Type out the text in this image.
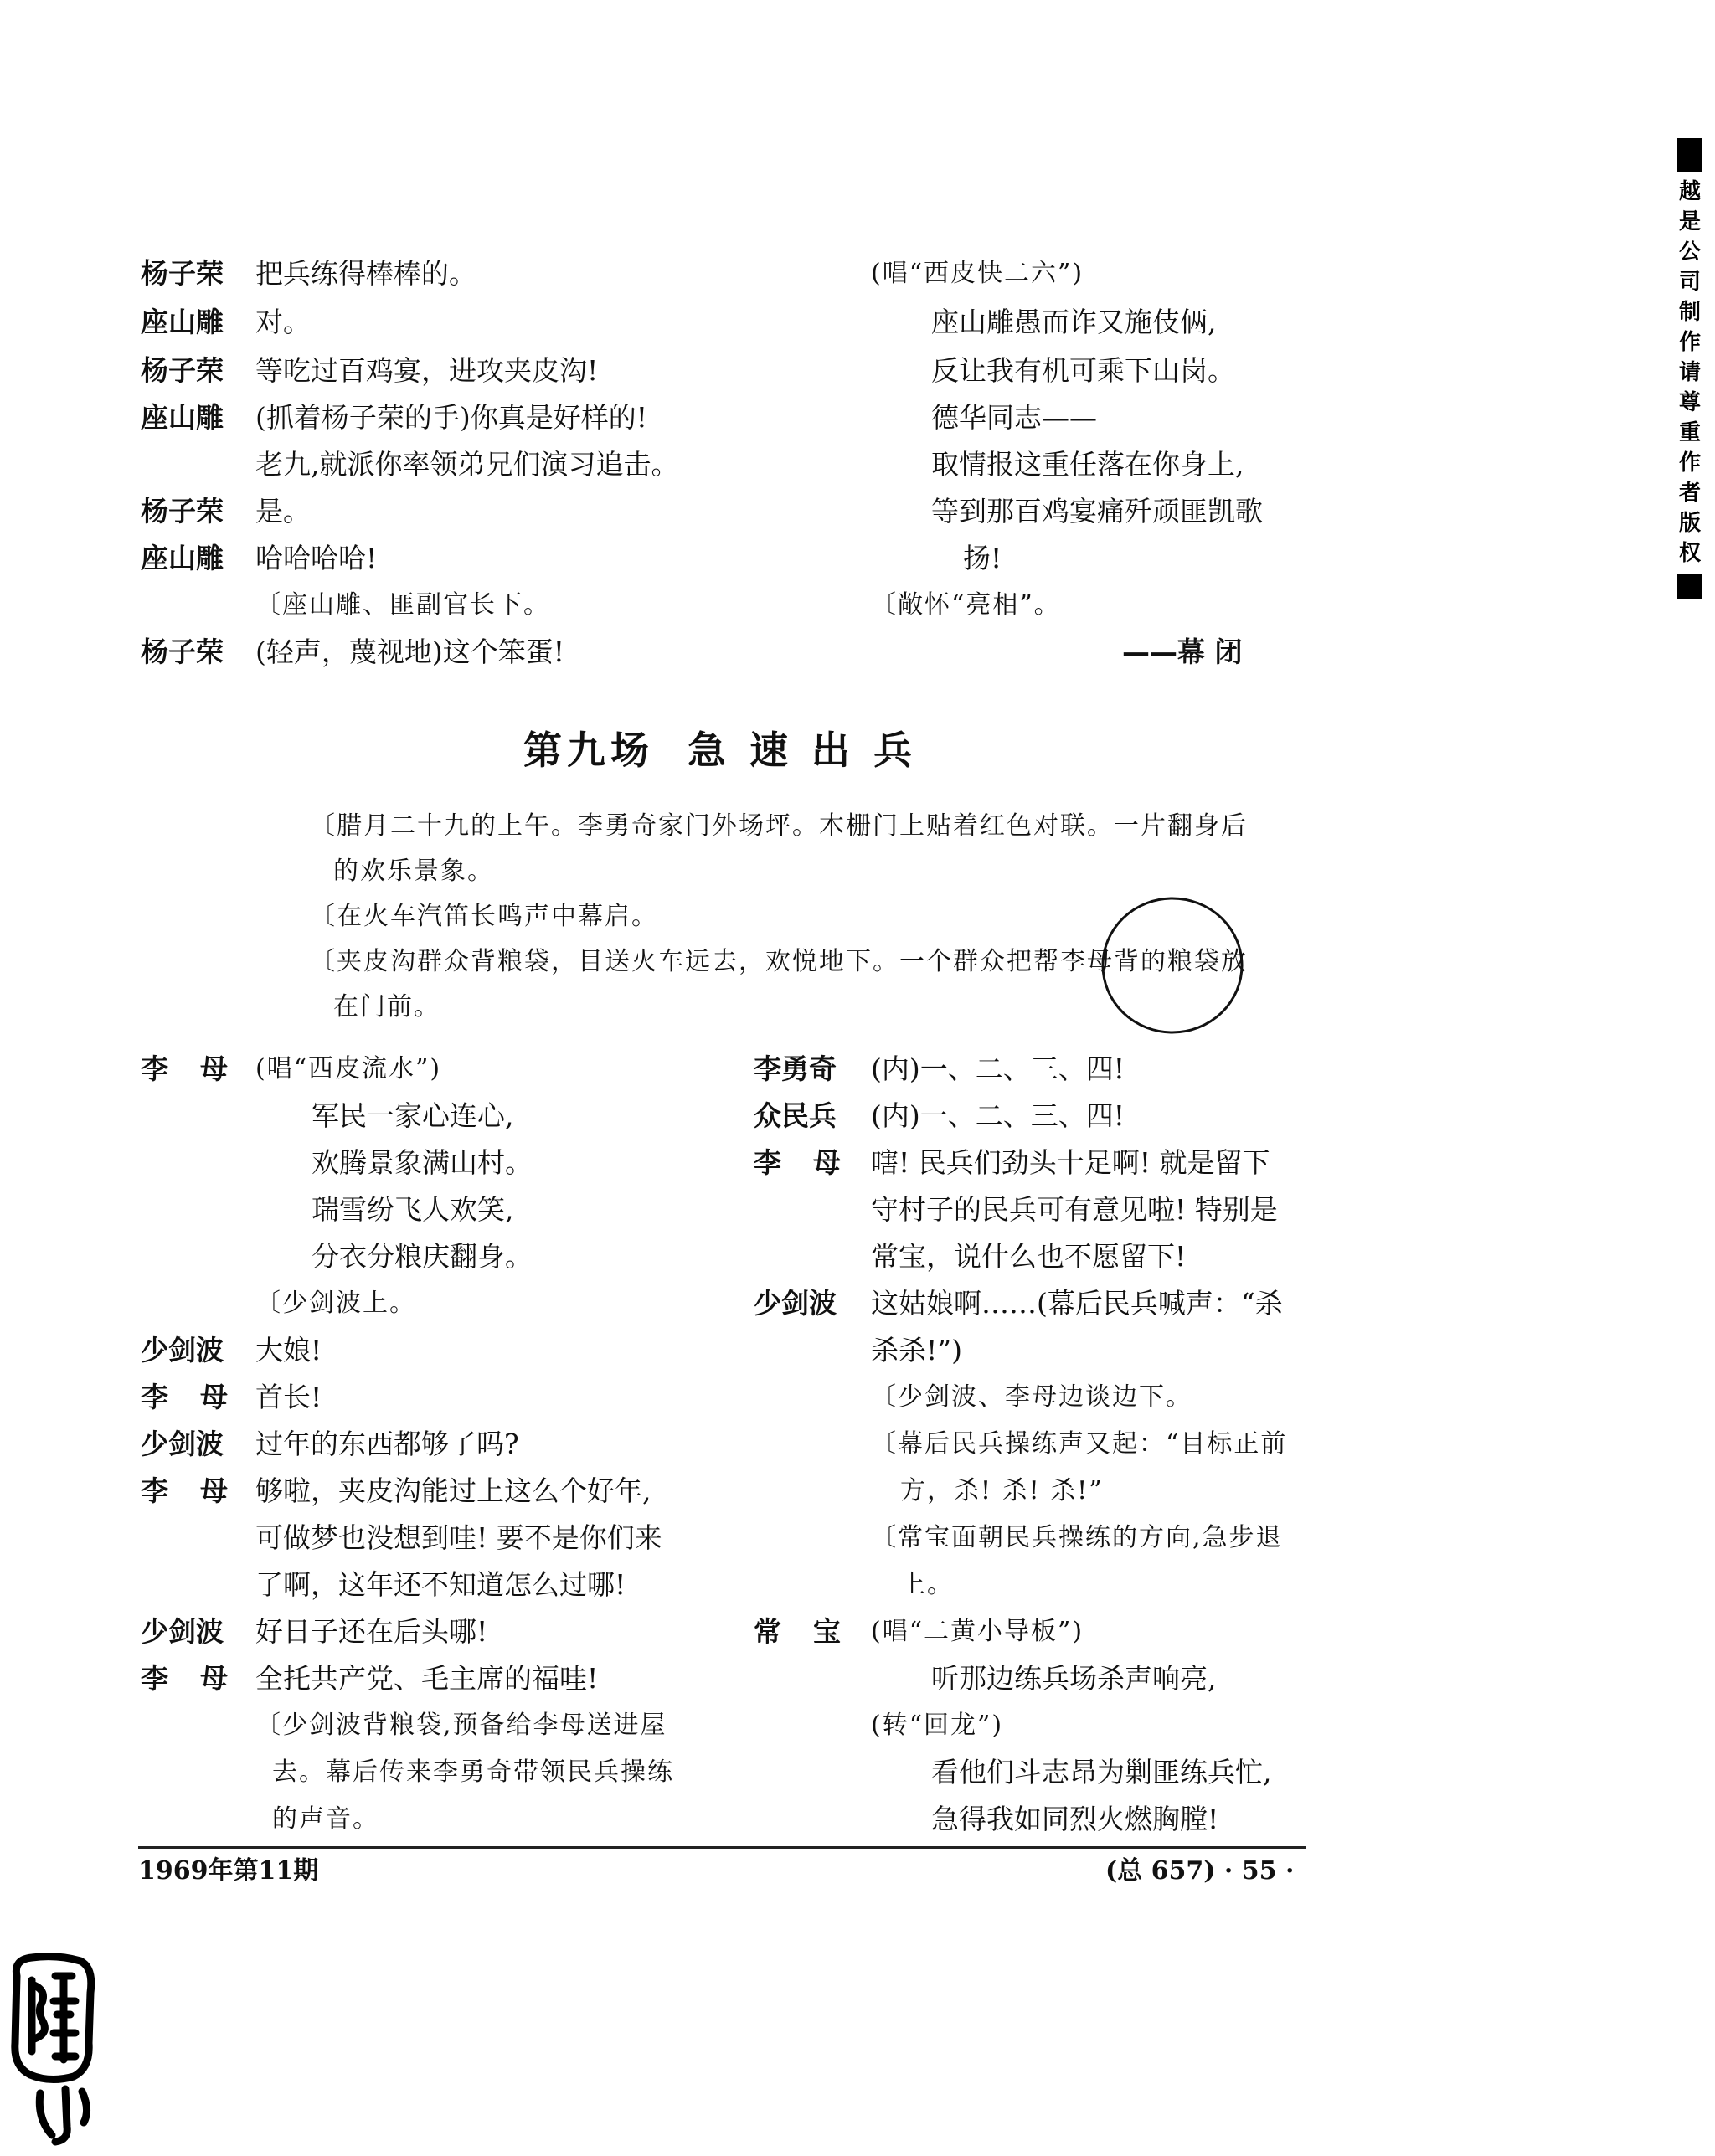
杨子荣 把兵练得棒棒的。
座山雕 对。
杨子荣 等吃过百鸡宴，进攻夹皮沟!
座山雕 (抓着杨子荣的手)你真是好样的!
老九,就派你率领弟兄们演习追击。
杨子荣 是。
座山雕 哈哈哈哈!
〔座山雕、匪副官长下。
杨子荣 (轻声，蔑视地)这个笨蛋!
(唱“西皮快二六”)
座山雕愚而诈又施伎俩,
反让我有机可乘下山岗。
德华同志——
取情报这重任落在你身上,
等到那百鸡宴痛歼顽匪凯歌
扬!
〔敞怀“亮相”。
——幕 闭
第九场 急 速 出 兵
〔腊月二十九的上午。李勇奇家门外场坪。木栅门上贴着红色对联。一片翻身后
的欢乐景象。
〔在火车汽笛长鸣声中幕启。
〔夹皮沟群众背粮袋，目送火车远去，欢悦地下。一个群众把帮李母背的粮袋放
在门前。
李母
(唱“西皮流水”)
军民一家心连心,
欢腾景象满山村。
瑞雪纷飞人欢笑,
分衣分粮庆翻身。
〔少剑波上。
少剑波 大娘!
李母
首长!
少剑波 过年的东西都够了吗?
李母
够啦，夹皮沟能过上这么个好年,
可做梦也没想到哇! 要不是你们来
了啊，这年还不知道怎么过哪!
少剑波 好日子还在后头哪!
李母
全托共产党、毛主席的福哇!
〔少剑波背粮袋,预备给李母送进屋
去。幕后传来李勇奇带领民兵操练
的声音。
李勇奇 (内)一、二、三、四!
众民兵 (内)一、二、三、四!
李母
嗐! 民兵们劲头十足啊! 就是留下
守村子的民兵可有意见啦! 特别是
常宝，说什么也不愿留下!
少剑波 这姑娘啊……(幕后民兵喊声：“杀
杀杀!”)
〔少剑波、李母边谈边下。
〔幕后民兵操练声又起：“目标正前
方，杀! 杀! 杀!”
〔常宝面朝民兵操练的方向,急步退
上。
常宝
(唱“二黄小导板”)
听那边练兵场杀声响亮,
(转“回龙”)
看他们斗志昂为剿匪练兵忙,
急得我如同烈火燃胸膛!
1969年第11期	(总 657) · 55 ·
越
是
公
司
制
作
请
尊
重
作
者
版
权
